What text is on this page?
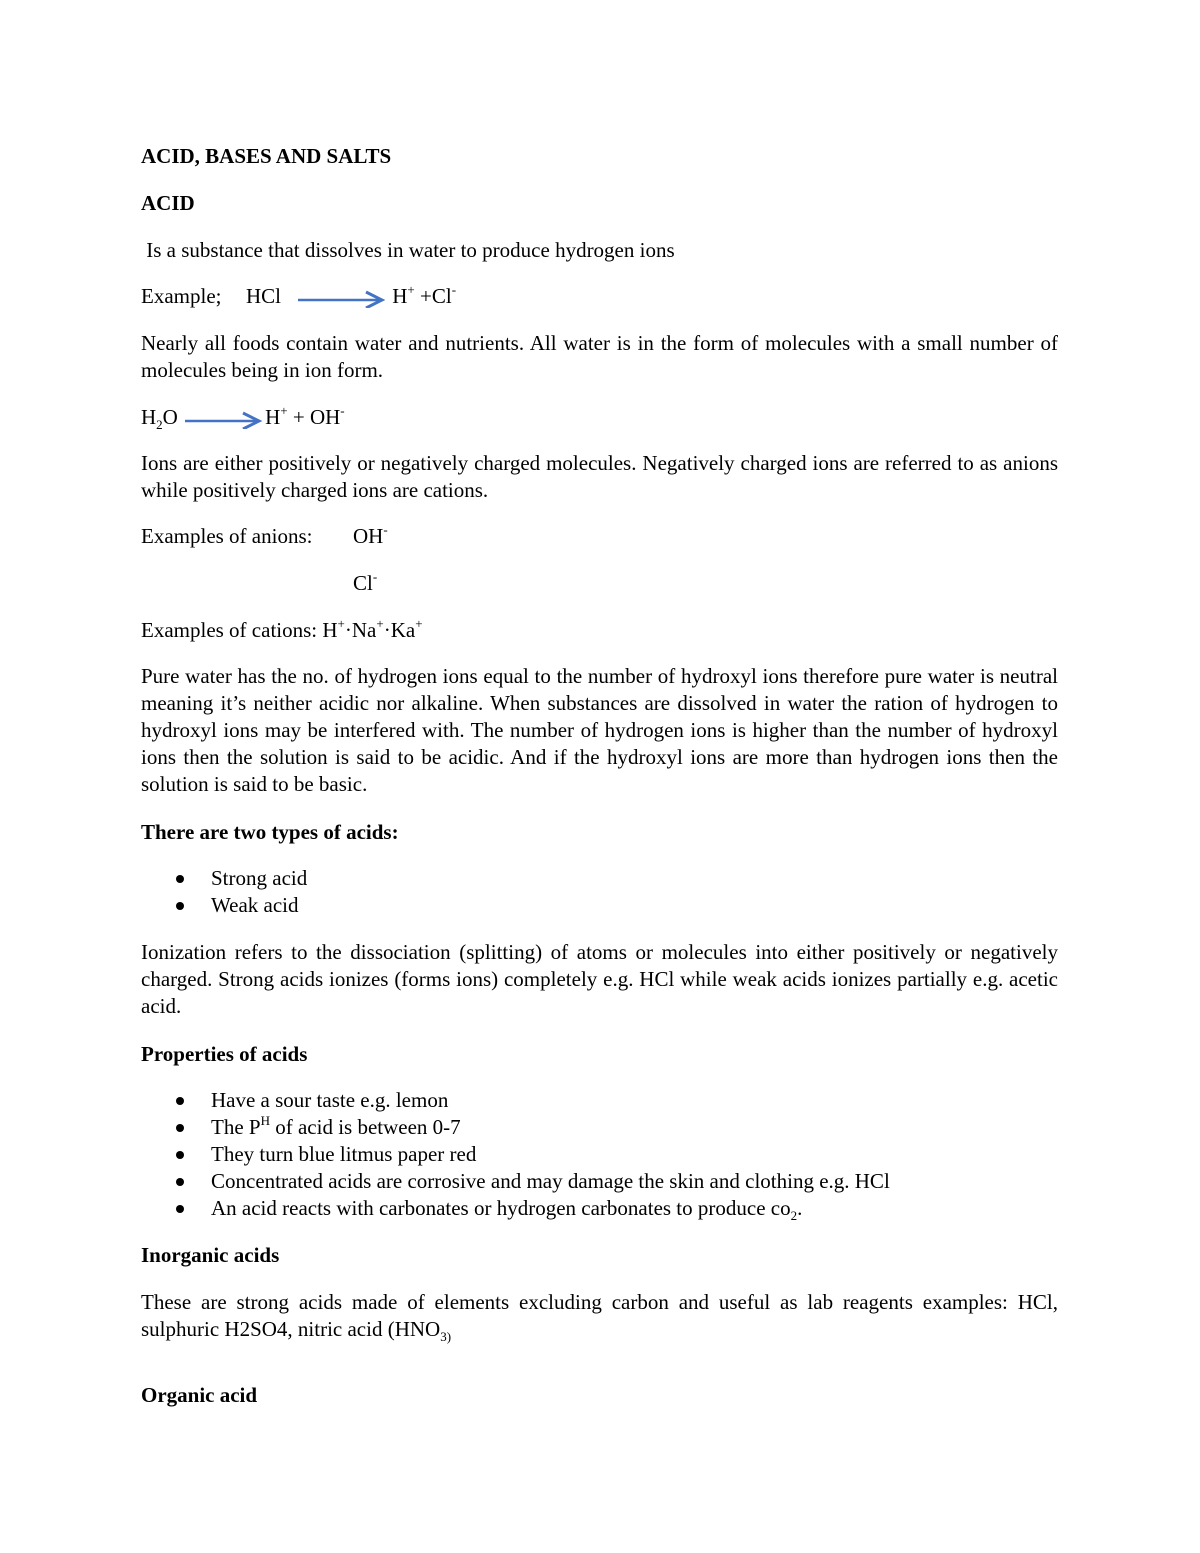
ACID, BASES AND SALTS
ACID
Is a substance that dissolves in water to produce hydrogen ions
Example; HCl	H+ +Cl-
Nearly all foods contain water and nutrients. All water is in the form of molecules with a small number of molecules being in ion form.
$H_2O$	H+ + OH-
Ions are either positively or negatively charged molecules. Negatively charged ions are referred to as anions while positively charged ions are cations.
Examples of anions: OH-
Cl-
Examples of cations: H+·Na+·Ka+
Pure water has the no. of hydrogen ions equal to the number of hydroxyl ions therefore pure water is neutral meaning it’s neither acidic nor alkaline. When substances are dissolved in water the ration of hydrogen to hydroxyl ions may be interfered with. The number of hydrogen ions is higher than the number of hydroxyl ions then the solution is said to be acidic. And if the hydroxyl ions are more than hydrogen ions then the solution is said to be basic.
There are two types of acids:
Strong acid
Weak acid
Ionization refers to the dissociation (splitting) of atoms or molecules into either positively or negatively charged. Strong acids ionizes (forms ions) completely e.g. HCl while weak acids ionizes partially e.g. acetic acid.
Properties of acids
Have a sour taste e.g. lemon
The $P^H$ of acid is between 0-7
They turn blue litmus paper red
Concentrated acids are corrosive and may damage the skin and clothing e.g. HCl
An acid reacts with carbonates or hydrogen carbonates to produce $co_2$.
Inorganic acids
These are strong acids made of elements excluding carbon and useful as lab reagents examples: HCl, sulphuric H2SO4, nitric acid ($HNO_{3)}$
Organic acid
